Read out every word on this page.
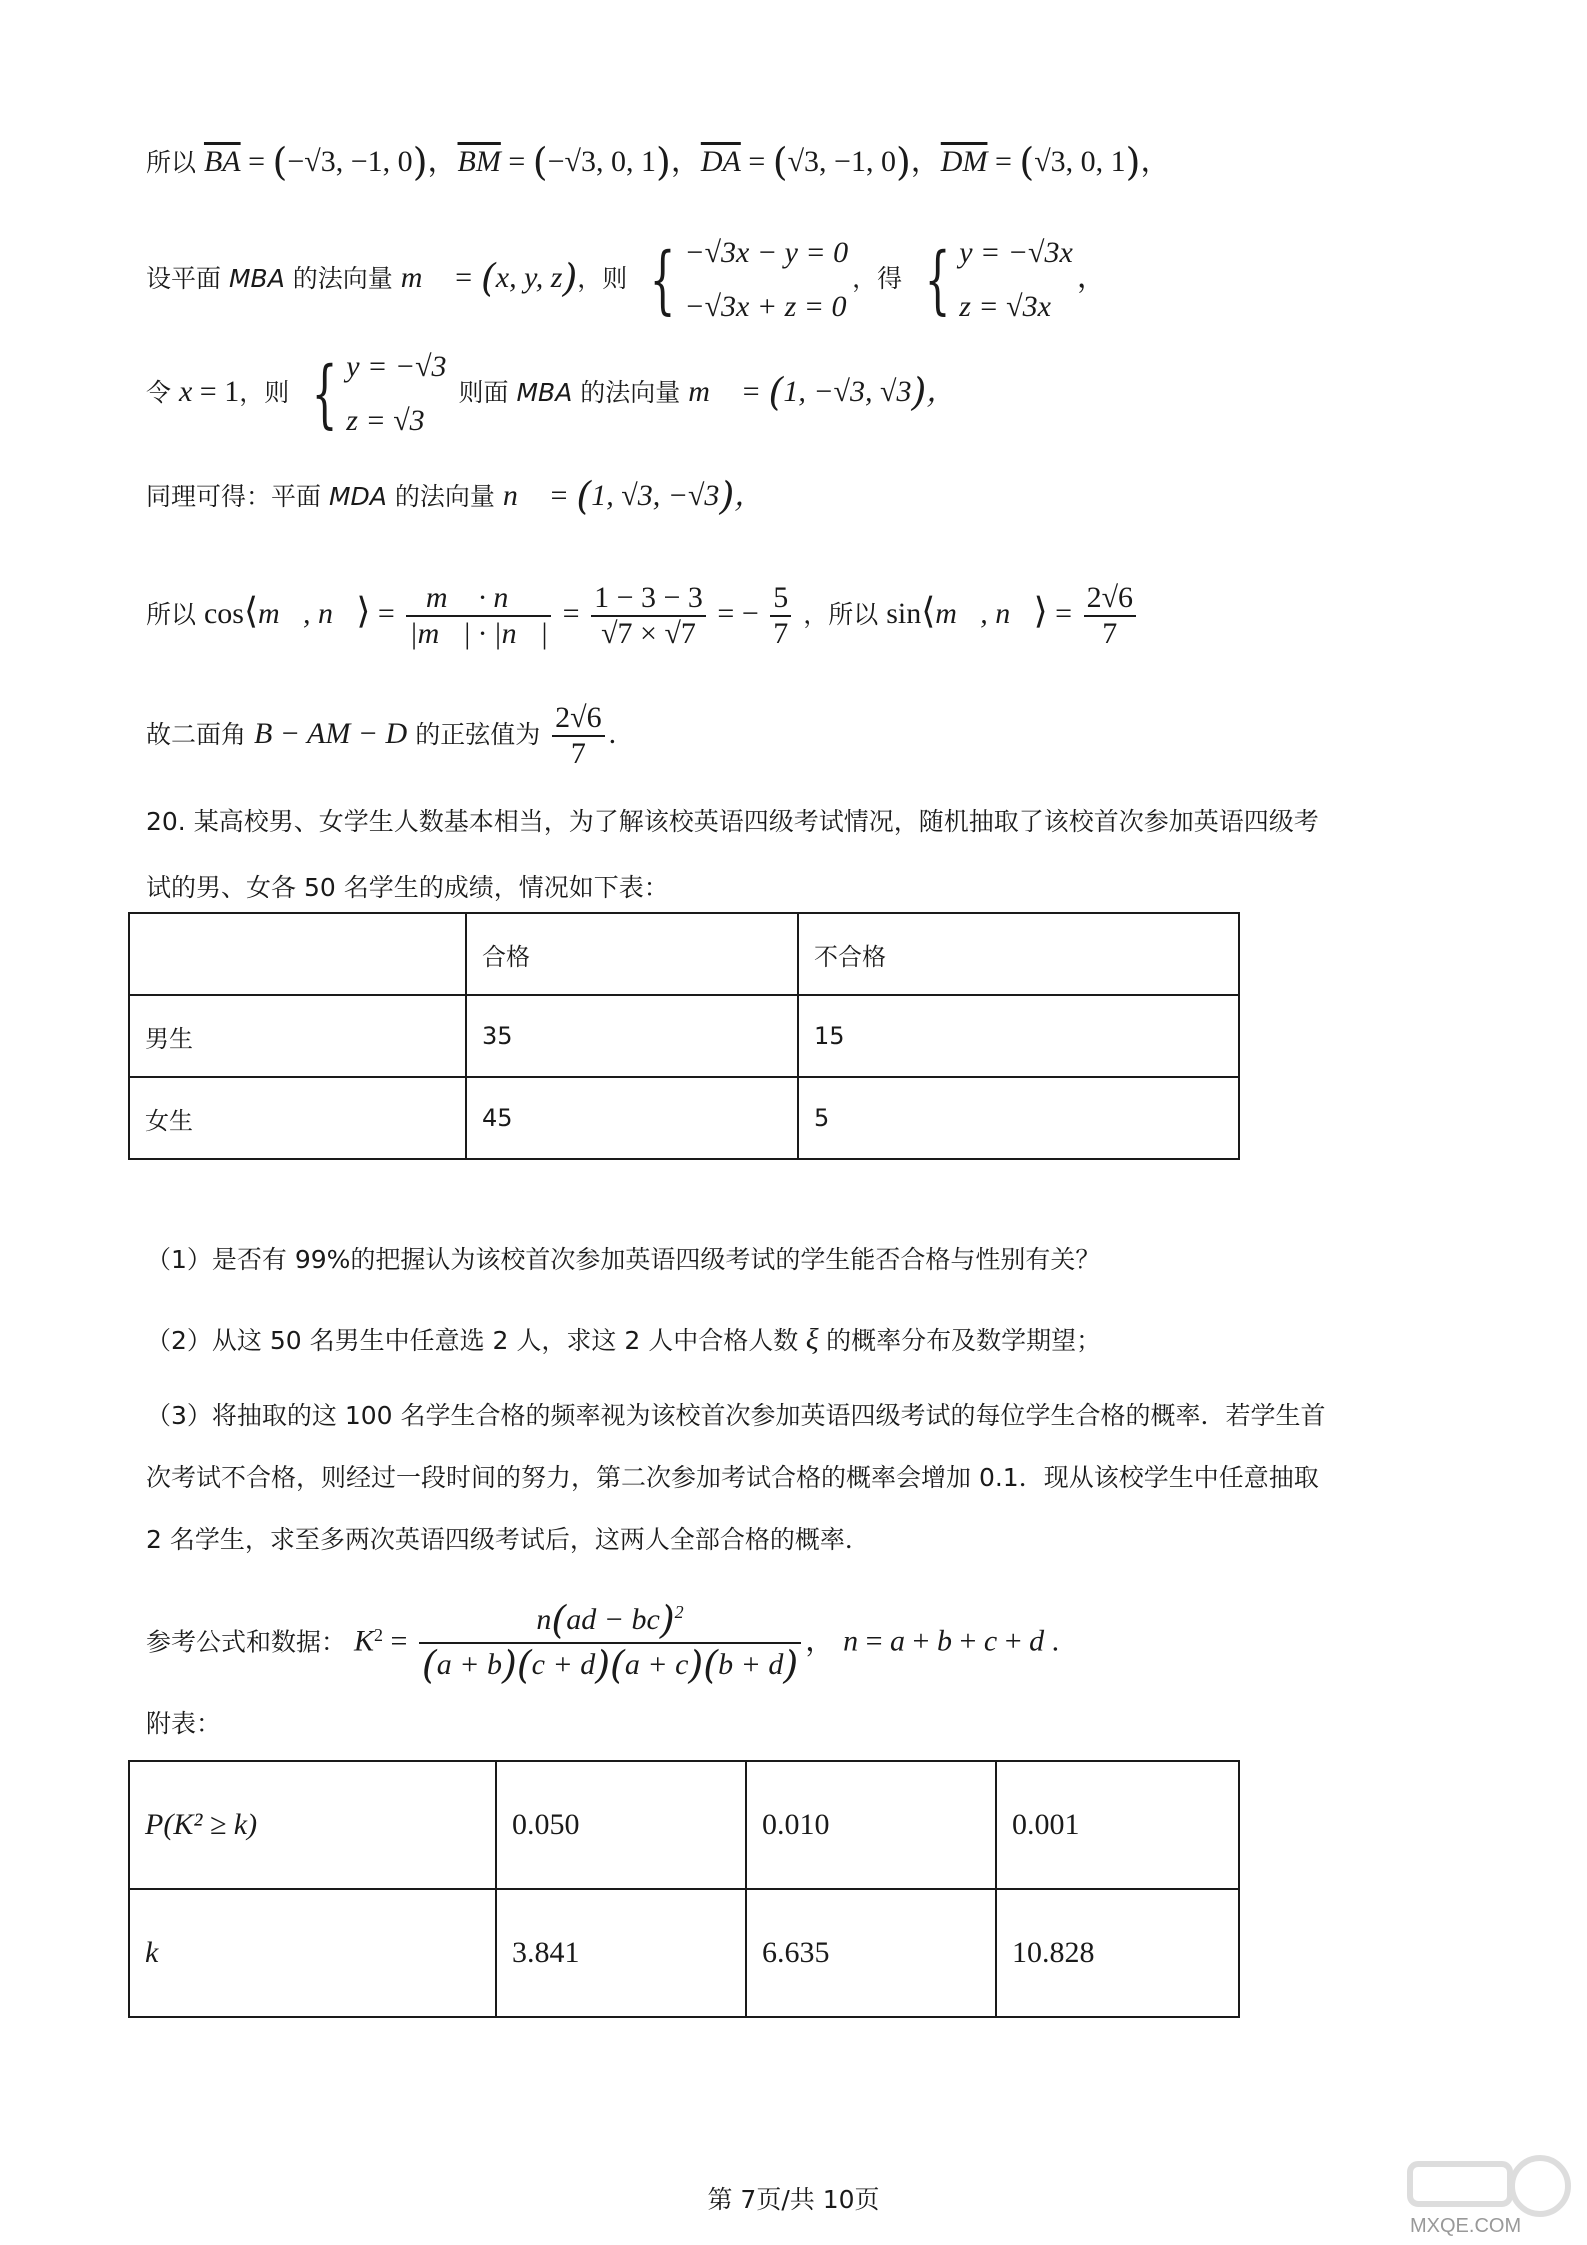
所以 $\overline{BA} = (-√3$, −1, 0)，$\overline{BM} = (-√3$, 0, 1)，$\overline{DA} = (√3$, −1, 0)，$\overline{DM} = (√3$, 0, 1)，
设平面 MBA 的法向量 m⃗ = (x, y, z)，则 { −√3x − y = 0
−√3x + z = 0
，得 { y = −√3x
z = √3x
，
令 x = 1，则 { y = −√3
z = √3
则面 MBA 的法向量 m⃗ = (1, −√3, √3)，
同理可得：平面 MDA 的法向量 n⃗ = (1, √3, −√3)，
所以 cos⟨m⃗, n⃗⟩ = $\frac{m⃗ \cdot n⃗}{|m⃗| \cdot |n⃗|} = \frac{1 - 3 - 3}{√7 \times √7}$ = − $\frac{5}{7}$ ，所以 sin⟨m⃗, n⃗⟩ = $\frac{2√6}{7}$
故二面角 B − AM − D 的正弦值为 $\frac{2√6}{7}$ .
20. 某高校男、女学生人数基本相当，为了解该校英语四级考试情况，随机抽取了该校首次参加英语四级考
试的男、女各 50 名学生的成绩，情况如下表：
	合格	不合格
男生	35	15
女生	45	5
（1）是否有 99%的把握认为该校首次参加英语四级考试的学生能否合格与性别有关？
（2）从这 50 名男生中任意选 2 人，求这 2 人中合格人数 ξ 的概率分布及数学期望；
（3）将抽取的这 100 名学生合格的频率视为该校首次参加英语四级考试的每位学生合格的概率．若学生首
次考试不合格，则经过一段时间的努力，第二次参加考试合格的概率会增加 0.1．现从该校学生中任意抽取
2 名学生，求至多两次英语四级考试后，这两人全部合格的概率．
参考公式和数据： $K^2 = \frac{n(ad - bc)^2}{(a + b)(c + d)(a + c)(b + d)}$ ， n = a + b + c + d .
附表：
P(K² ≥ k)	0.050	0.010	0.001
k	3.841	6.635	10.828
第 7页/共 10页
MXQE.COM
